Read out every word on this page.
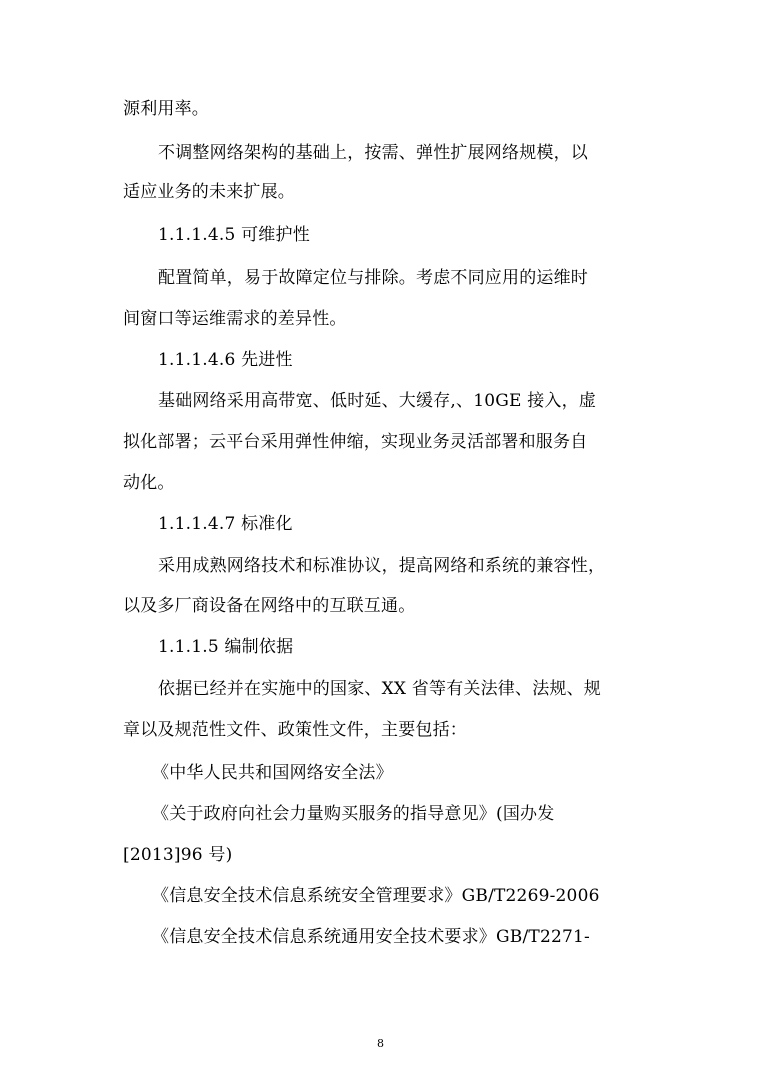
源利用率。
不调整网络架构的基础上，按需、弹性扩展网络规模，以
适应业务的未来扩展。
1.1.1.4.5 可维护性
配置简单，易于故障定位与排除。考虑不同应用的运维时
间窗口等运维需求的差异性。
1.1.1.4.6 先进性
基础网络采用高带宽、低时延、大缓存,、10GE 接入，虚
拟化部署；云平台采用弹性伸缩，实现业务灵活部署和服务自
动化。
1.1.1.4.7 标准化
采用成熟网络技术和标准协议，提高网络和系统的兼容性，
以及多厂商设备在网络中的互联互通。
1.1.1.5 编制依据
依据已经并在实施中的国家、XX 省等有关法律、法规、规
章以及规范性文件、政策性文件，主要包括：
《中华人民共和国网络安全法》
《关于政府向社会力量购买服务的指导意见》(国办发
[2013]96 号)
《信息安全技术信息系统安全管理要求》GB/T2269-2006
《信息安全技术信息系统通用安全技术要求》GB/T2271-
8
